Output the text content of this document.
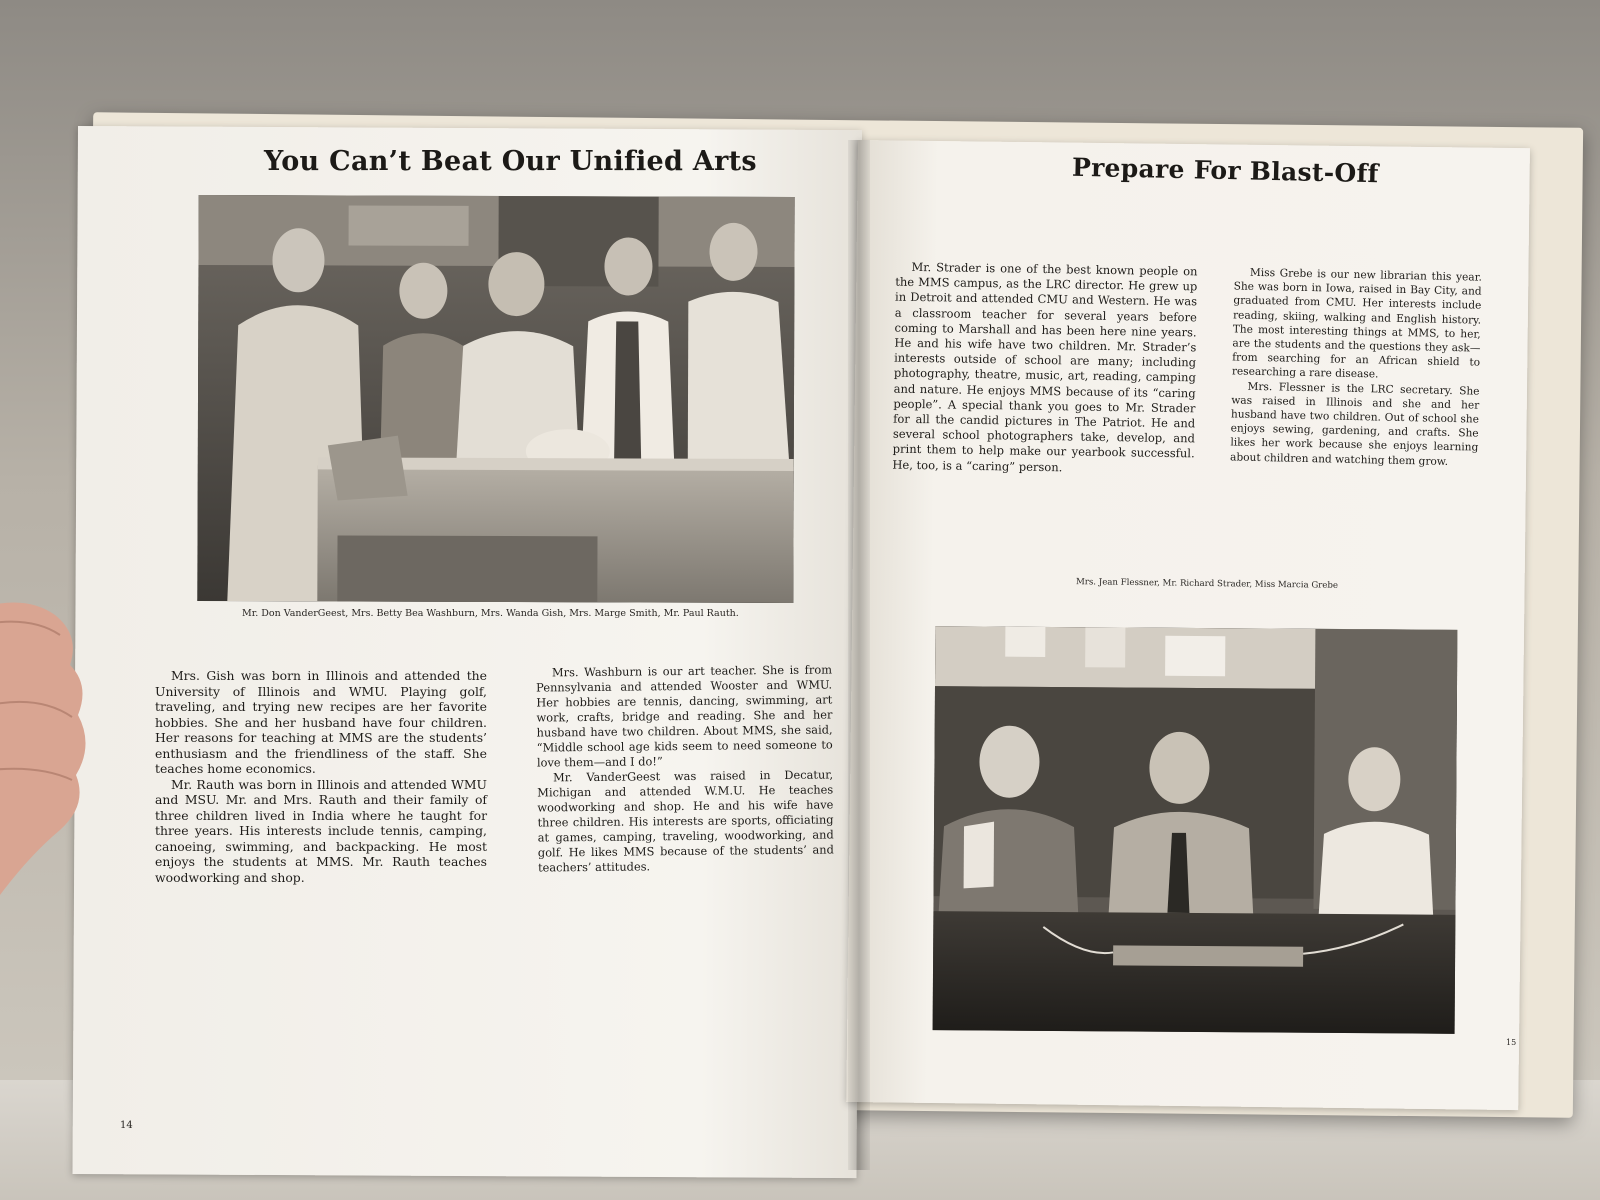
You Can’t Beat Our Unified Arts

Mr. Don VanderGeest, Mrs. Betty Bea Washburn, Mrs. Wanda Gish, Mrs. Marge Smith, Mr. Paul Rauth.

Mrs. Gish was born in Illinois and attended the University of Illinois and WMU. Playing golf, traveling, and trying new recipes are her favorite hobbies. She and her husband have four children. Her reasons for teaching at MMS are the students’ enthusiasm and the friendliness of the staff. She teaches home economics.

Mr. Rauth was born in Illinois and attended WMU and MSU. Mr. and Mrs. Rauth and their family of three children lived in India where he taught for three years. His interests include tennis, camping, canoeing, swimming, and backpacking. He most enjoys the students at MMS. Mr. Rauth teaches woodworking and shop.

Mrs. Washburn is our art teacher. She is from Pennsylvania and attended Wooster and WMU. Her hobbies are tennis, dancing, swimming, art work, crafts, bridge and reading. She and her husband have two children. About MMS, she said, “Middle school age kids seem to need someone to love them—and I do!”

Mr. VanderGeest was raised in Decatur, Michigan and attended W.M.U. He teaches woodworking and shop. He and his wife have three children. His interests are sports, officiating at games, camping, traveling, woodworking, and golf. He likes MMS because of the students’ and teachers’ attitudes.

14

Prepare For Blast-Off

Mr. Strader is one of the best known people on the MMS campus, as the LRC director. He grew up in Detroit and attended CMU and Western. He was a classroom teacher for several years before coming to Marshall and has been here nine years. He and his wife have two children. Mr. Strader’s interests outside of school are many; including photography, theatre, music, art, reading, camping and nature. He enjoys MMS because of its “caring people”. A special thank you goes to Mr. Strader for all the candid pictures in The Patriot. He and several school photographers take, develop, and print them to help make our yearbook successful. He, too, is a “caring” person.

Miss Grebe is our new librarian this year. She was born in Iowa, raised in Bay City, and graduated from CMU. Her interests include reading, skiing, walking and English history. The most interesting things at MMS, to her, are the students and the questions they ask—from searching for an African shield to researching a rare disease.

Mrs. Flessner is the LRC secretary. She was raised in Illinois and she and her husband have two children. Out of school she enjoys sewing, gardening, and crafts. She likes her work because she enjoys learning about children and watching them grow.

Mrs. Jean Flessner, Mr. Richard Strader, Miss Marcia Grebe

15
